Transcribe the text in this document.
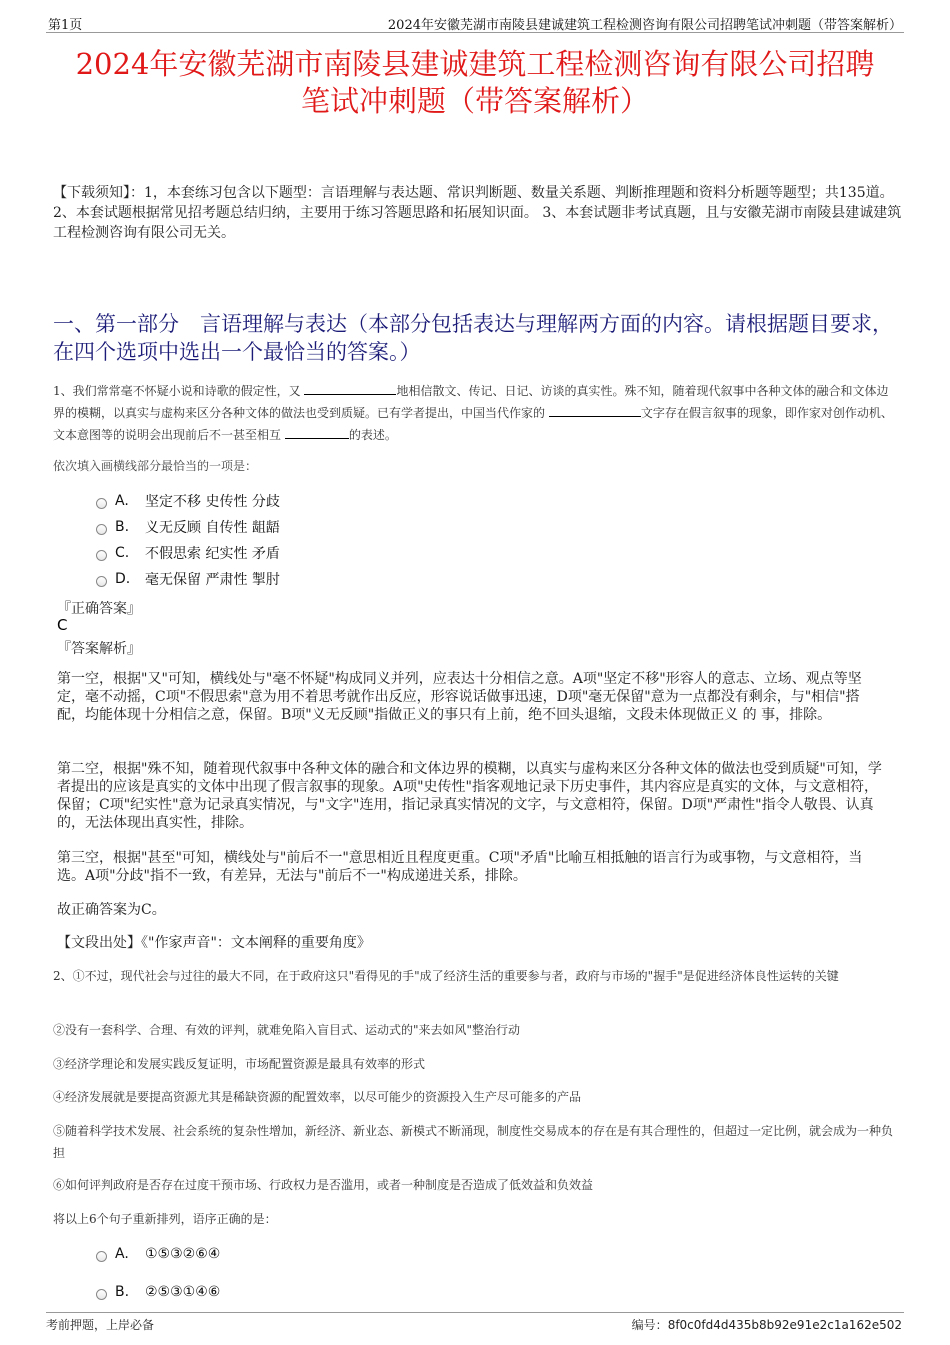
第1页	2024年安徽芜湖市南陵县建诚建筑工程检测咨询有限公司招聘笔试冲刺题（带答案解析）
2024年安徽芜湖市南陵县建诚建筑工程检测咨询有限公司招聘
笔试冲刺题（带答案解析）
【下载须知】：1，本套练习包含以下题型：言语理解与表达题、常识判断题、数量关系题、判断推理题和资料分析题等题型；共135道。 2、本套试题根据常见招考题总结归纳，主要用于练习答题思路和拓展知识面。 3、本套试题非考试真题，且与安徽芜湖市南陵县建诚建筑工程检测咨询有限公司无关。
一、第一部分　言语理解与表达（本部分包括表达与理解两方面的内容。请根据题目要求，在四个选项中选出一个最恰当的答案。）
1、我们常常毫不怀疑小说和诗歌的假定性，又	地相信散文、传记、日记、访谈的真实性。殊不知，随着现代叙事中各种文体的融合和文体边界的模糊，以真实与虚构来区分各种文体的做法也受到质疑。已有学者提出，中国当代作家的	文字存在假言叙事的现象，即作家对创作动机、文本意图等的说明会出现前后不一甚至相互	的表述。
依次填入画横线部分最恰当的一项是：
A.	坚定不移 史传性 分歧
B.	义无反顾 自传性 龃龉
C.	不假思索 纪实性 矛盾
D.	毫无保留 严肃性 掣肘
『正确答案』
C
『答案解析』
第一空，根据"又"可知，横线处与"毫不怀疑"构成同义并列，应表达十分相信之意。A项"坚定不移"形容人的意志、立场、观点等坚定，毫不动摇，C项"不假思索"意为用不着思考就作出反应，形容说话做事迅速，D项"毫无保留"意为一点都没有剩余，与"相信"搭配，均能体现十分相信之意，保留。B项"义无反顾"指做正义的事只有上前，绝不回头退缩，文段未体现做正义 的 事，排除。
第二空，根据"殊不知，随着现代叙事中各种文体的融合和文体边界的模糊，以真实与虚构来区分各种文体的做法也受到质疑"可知，学者提出的应该是真实的文体中出现了假言叙事的现象。A项"史传性"指客观地记录下历史事件，其内容应是真实的文体，与文意相符，保留；C项"纪实性"意为记录真实情况，与"文字"连用，指记录真实情况的文字，与文意相符，保留。D项"严肃性"指令人敬畏、认真的，无法体现出真实性，排除。
第三空，根据"甚至"可知，横线处与"前后不一"意思相近且程度更重。C项"矛盾"比喻互相抵触的语言行为或事物，与文意相符，当选。A项"分歧"指不一致，有差异，无法与"前后不一"构成递进关系，排除。
故正确答案为C。
【文段出处】《"作家声音"：文本阐释的重要角度》
2、①不过，现代社会与过往的最大不同，在于政府这只"看得见的手"成了经济生活的重要参与者，政府与市场的"握手"是促进经济体良性运转的关键
②没有一套科学、合理、有效的评判，就难免陷入盲目式、运动式的"来去如风"整治行动
③经济学理论和发展实践反复证明，市场配置资源是最具有效率的形式
④经济发展就是要提高资源尤其是稀缺资源的配置效率，以尽可能少的资源投入生产尽可能多的产品
⑤随着科学技术发展、社会系统的复杂性增加，新经济、新业态、新模式不断涌现，制度性交易成本的存在是有其合理性的，但超过一定比例，就会成为一种负担
⑥如何评判政府是否存在过度干预市场、行政权力是否滥用，或者一种制度是否造成了低效益和负效益
将以上6个句子重新排列，语序正确的是：
A.	①⑤③②⑥④
B.	②⑤③①④⑥
考前押题，上岸必备	编号：8f0c0fd4d435b8b92e91e2c1a162e502
